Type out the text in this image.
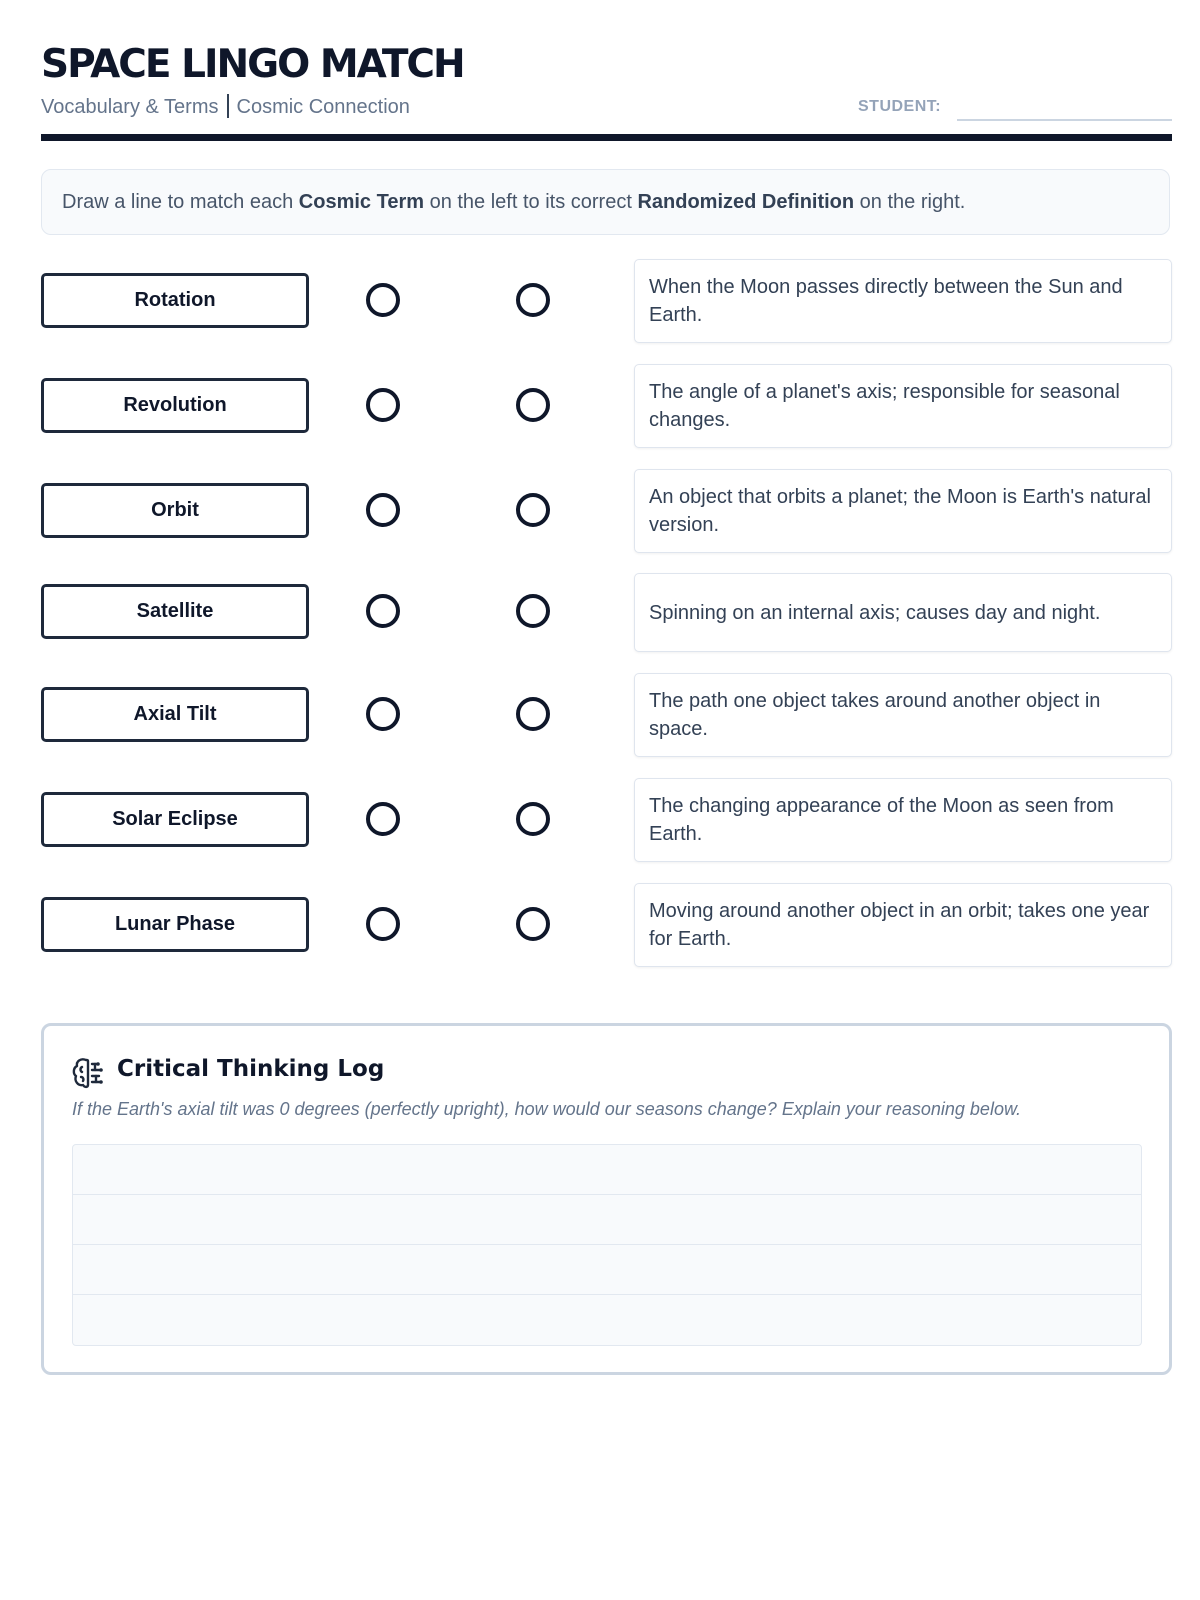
SPACE LINGO MATCH
Vocabulary & Terms Cosmic Connection	STUDENT:
Draw a line to match each Cosmic Term on the left to its correct Randomized Definition on the right.
Rotation
When the Moon passes directly between the Sun and Earth.
Revolution
The angle of a planet's axis; responsible for seasonal changes.
Orbit
An object that orbits a planet; the Moon is Earth's natural version.
Satellite	Spinning on an internal axis; causes day and night.
Axial Tilt
The path one object takes around another object in space.
Solar Eclipse
The changing appearance of the Moon as seen from Earth.
Lunar Phase
Moving around another object in an orbit; takes one year for Earth.
Critical Thinking Log
If the Earth's axial tilt was 0 degrees (perfectly upright), how would our seasons change? Explain your reasoning below.
